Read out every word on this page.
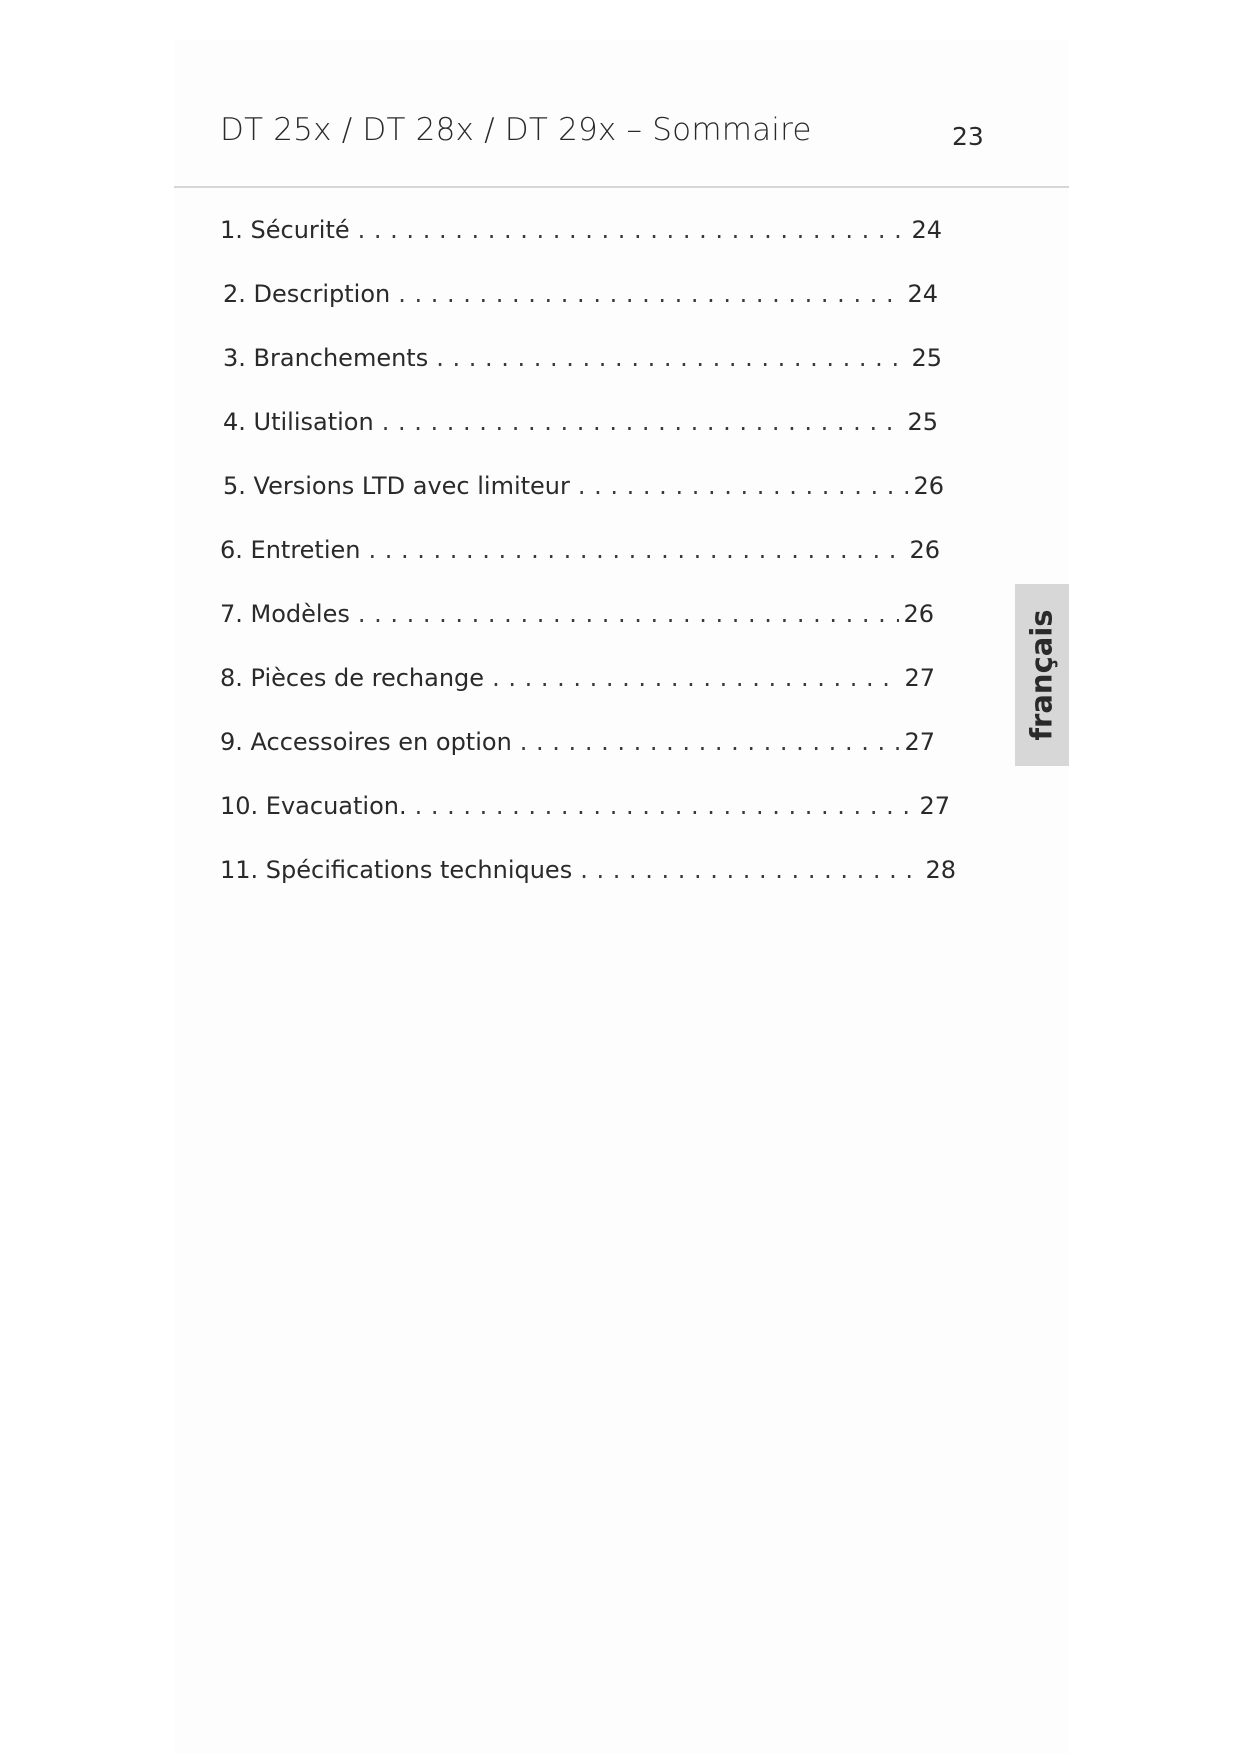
DT 25x / DT 28x / DT 29x – Sommaire	23
1. Sécurité . . .	24
2. Description . . .	24
3. Branchements . . .	25
4. Utilisation . . .	25
5. Versions LTD avec limiteur . . .	26
6. Entretien . . .	26
7. Modèles . . .	26
8. Pièces de rechange . . .	27
9. Accessoires en option . . .	27
10. Evacuation. . . .	27
11. Spécifications techniques . . .	28
français
